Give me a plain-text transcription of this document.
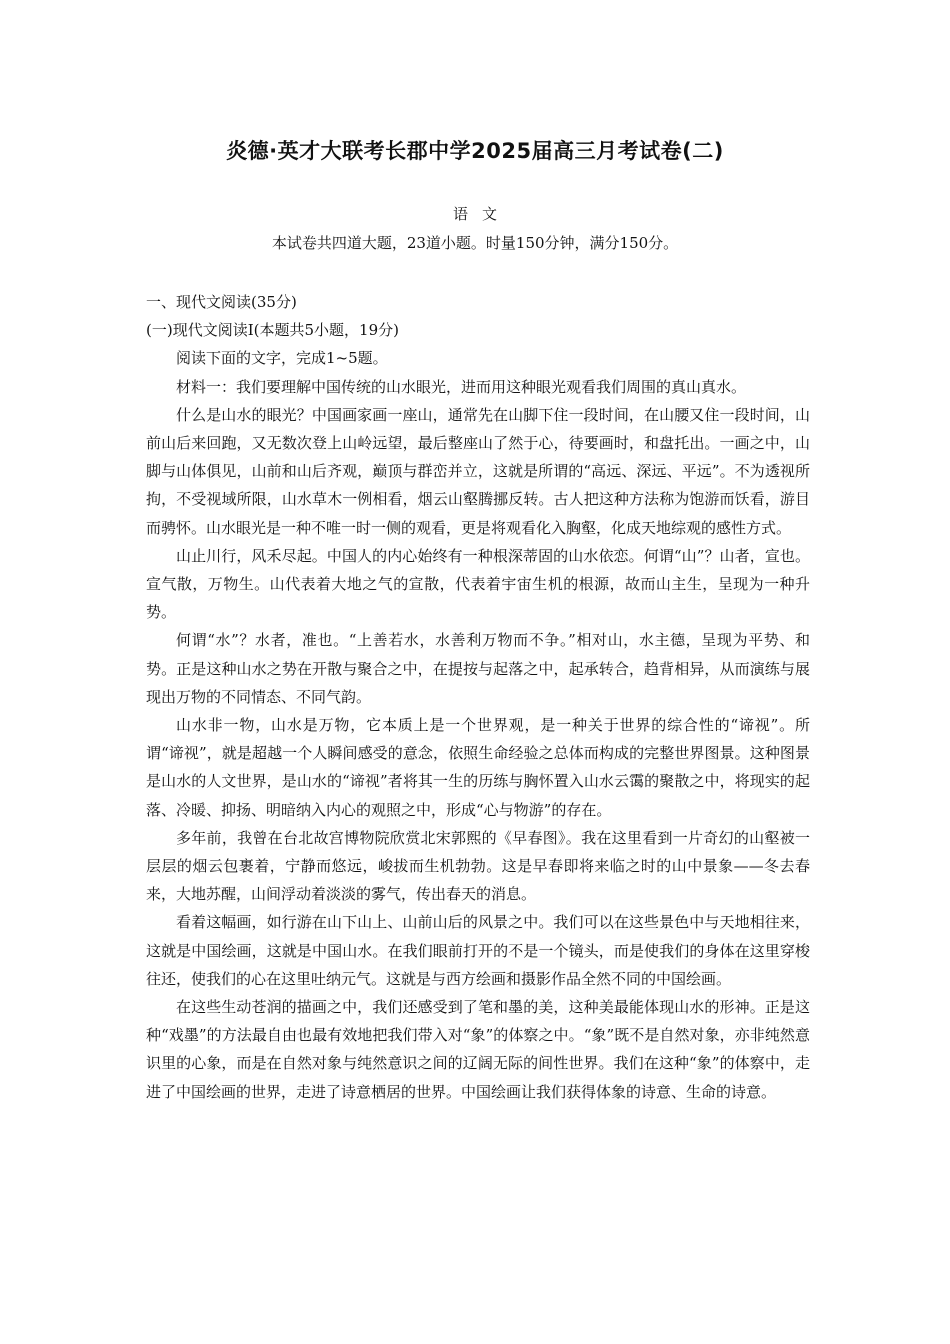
炎德·英才大联考长郡中学2025届高三月考试卷(二)
语文
本试卷共四道大题，23道小题。时量150分钟，满分150分。

一、现代文阅读(35分)

(一)现代文阅读Ⅰ(本题共5小题，19分)

阅读下面的文字，完成1~5题。

材料一：我们要理解中国传统的山水眼光，进而用这种眼光观看我们周围的真山真水。

什么是山水的眼光？中国画家画一座山，通常先在山脚下住一段时间，在山腰又住一段时间，山前山后来回跑，又无数次登上山岭远望，最后整座山了然于心，待要画时，和盘托出。一画之中，山脚与山体俱见，山前和山后齐观，巅顶与群峦并立，这就是所谓的“高远、深远、平远”。不为透视所拘，不受视域所限，山水草木一例相看，烟云山壑腾挪反转。古人把这种方法称为饱游而饫看，游目而骋怀。山水眼光是一种不唯一时一侧的观看，更是将观看化入胸壑，化成天地综观的感性方式。

山止川行，风禾尽起。中国人的内心始终有一种根深蒂固的山水依恋。何谓“山”？山者，宣也。宣气散，万物生。山代表着大地之气的宣散，代表着宇宙生机的根源，故而山主生，呈现为一种升势。

何谓“水”？水者，准也。“上善若水，水善利万物而不争。”相对山，水主德，呈现为平势、和势。正是这种山水之势在开散与聚合之中，在提按与起落之中，起承转合，趋背相异，从而演练与展现出万物的不同情态、不同气韵。

山水非一物，山水是万物，它本质上是一个世界观，是一种关于世界的综合性的“谛视”。所谓“谛视”，就是超越一个人瞬间感受的意念，依照生命经验之总体而构成的完整世界图景。这种图景是山水的人文世界，是山水的“谛视”者将其一生的历练与胸怀置入山水云霭的聚散之中，将现实的起落、冷暖、抑扬、明暗纳入内心的观照之中，形成“心与物游”的存在。

多年前，我曾在台北故宫博物院欣赏北宋郭熙的《早春图》。我在这里看到一片奇幻的山壑被一层层的烟云包裹着，宁静而悠远，峻拔而生机勃勃。这是早春即将来临之时的山中景象——冬去春来，大地苏醒，山间浮动着淡淡的雾气，传出春天的消息。

看着这幅画，如行游在山下山上、山前山后的风景之中。我们可以在这些景色中与天地相往来，这就是中国绘画，这就是中国山水。在我们眼前打开的不是一个镜头，而是使我们的身体在这里穿梭往还，使我们的心在这里吐纳元气。这就是与西方绘画和摄影作品全然不同的中国绘画。

在这些生动苍润的描画之中，我们还感受到了笔和墨的美，这种美最能体现山水的形神。正是这种“戏墨”的方法最自由也最有效地把我们带入对“象”的体察之中。“象”既不是自然对象，亦非纯然意识里的心象，而是在自然对象与纯然意识之间的辽阔无际的间性世界。我们在这种“象”的体察中，走进了中国绘画的世界，走进了诗意栖居的世界。中国绘画让我们获得体象的诗意、生命的诗意。
